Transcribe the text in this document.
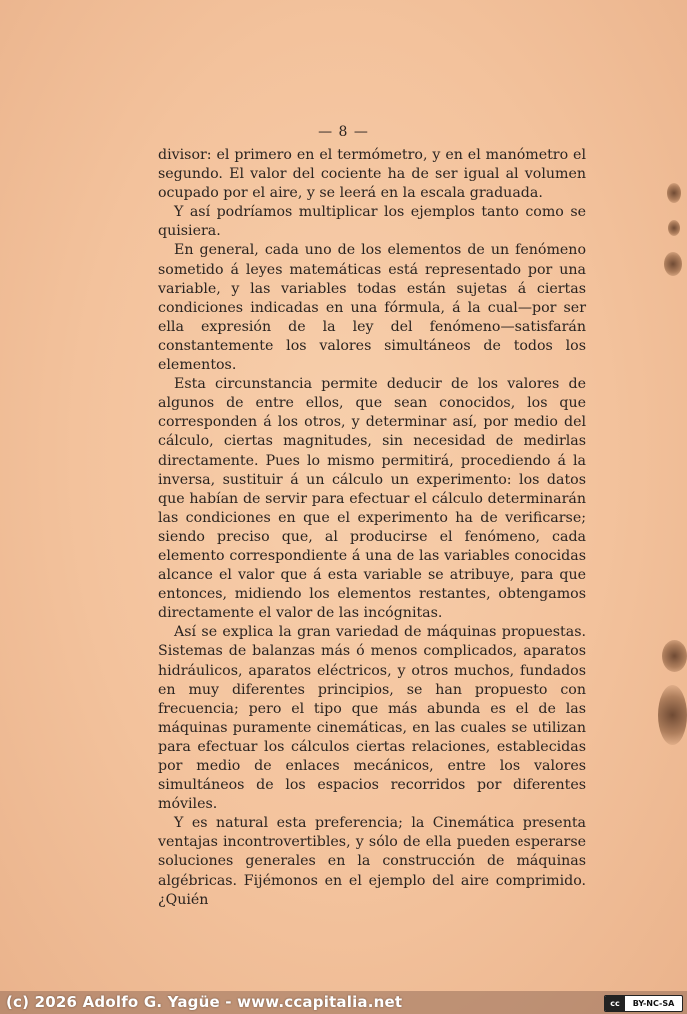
— 8 —

divisor: el primero en el termómetro, y en el manómetro el segundo. El valor del cociente ha de ser igual al volumen ocupado por el aire, y se leerá en la escala graduada.

Y así podríamos multiplicar los ejemplos tanto como se quisiera.

En general, cada uno de los elementos de un fenómeno sometido á leyes matemáticas está representado por una variable, y las variables todas están sujetas á ciertas condiciones indicadas en una fórmula, á la cual—por ser ella expresión de la ley del fenómeno—satisfarán constantemente los valores simultáneos de todos los elementos.

Esta circunstancia permite deducir de los valores de algunos de entre ellos, que sean conocidos, los que corresponden á los otros, y determinar así, por medio del cálculo, ciertas magnitudes, sin necesidad de medirlas directamente. Pues lo mismo permitirá, procediendo á la inversa, sustituir á un cálculo un experimento: los datos que habían de servir para efectuar el cálculo determinarán las condiciones en que el experimento ha de verificarse; siendo preciso que, al producirse el fenómeno, cada elemento correspondiente á una de las variables conocidas alcance el valor que á esta variable se atribuye, para que entonces, midiendo los elementos restantes, obtengamos directamente el valor de las incógnitas.

Así se explica la gran variedad de máquinas propuestas. Sistemas de balanzas más ó menos complicados, aparatos hidráulicos, aparatos eléctricos, y otros muchos, fundados en muy diferentes principios, se han propuesto con frecuencia; pero el tipo que más abunda es el de las máquinas puramente cinemáticas, en las cuales se utilizan para efectuar los cálculos ciertas relaciones, establecidas por medio de enlaces mecánicos, entre los valores simultáneos de los espacios recorridos por diferentes móviles.

Y es natural esta preferencia; la Cinemática presenta ventajas incontrovertibles, y sólo de ella pueden esperarse soluciones generales en la construcción de máquinas algébricas. Fijémonos en el ejemplo del aire comprimido. ¿Quién

(c) 2026 Adolfo G. Yagüe - www.ccapitalia.net	cc	BY-NC-SA
